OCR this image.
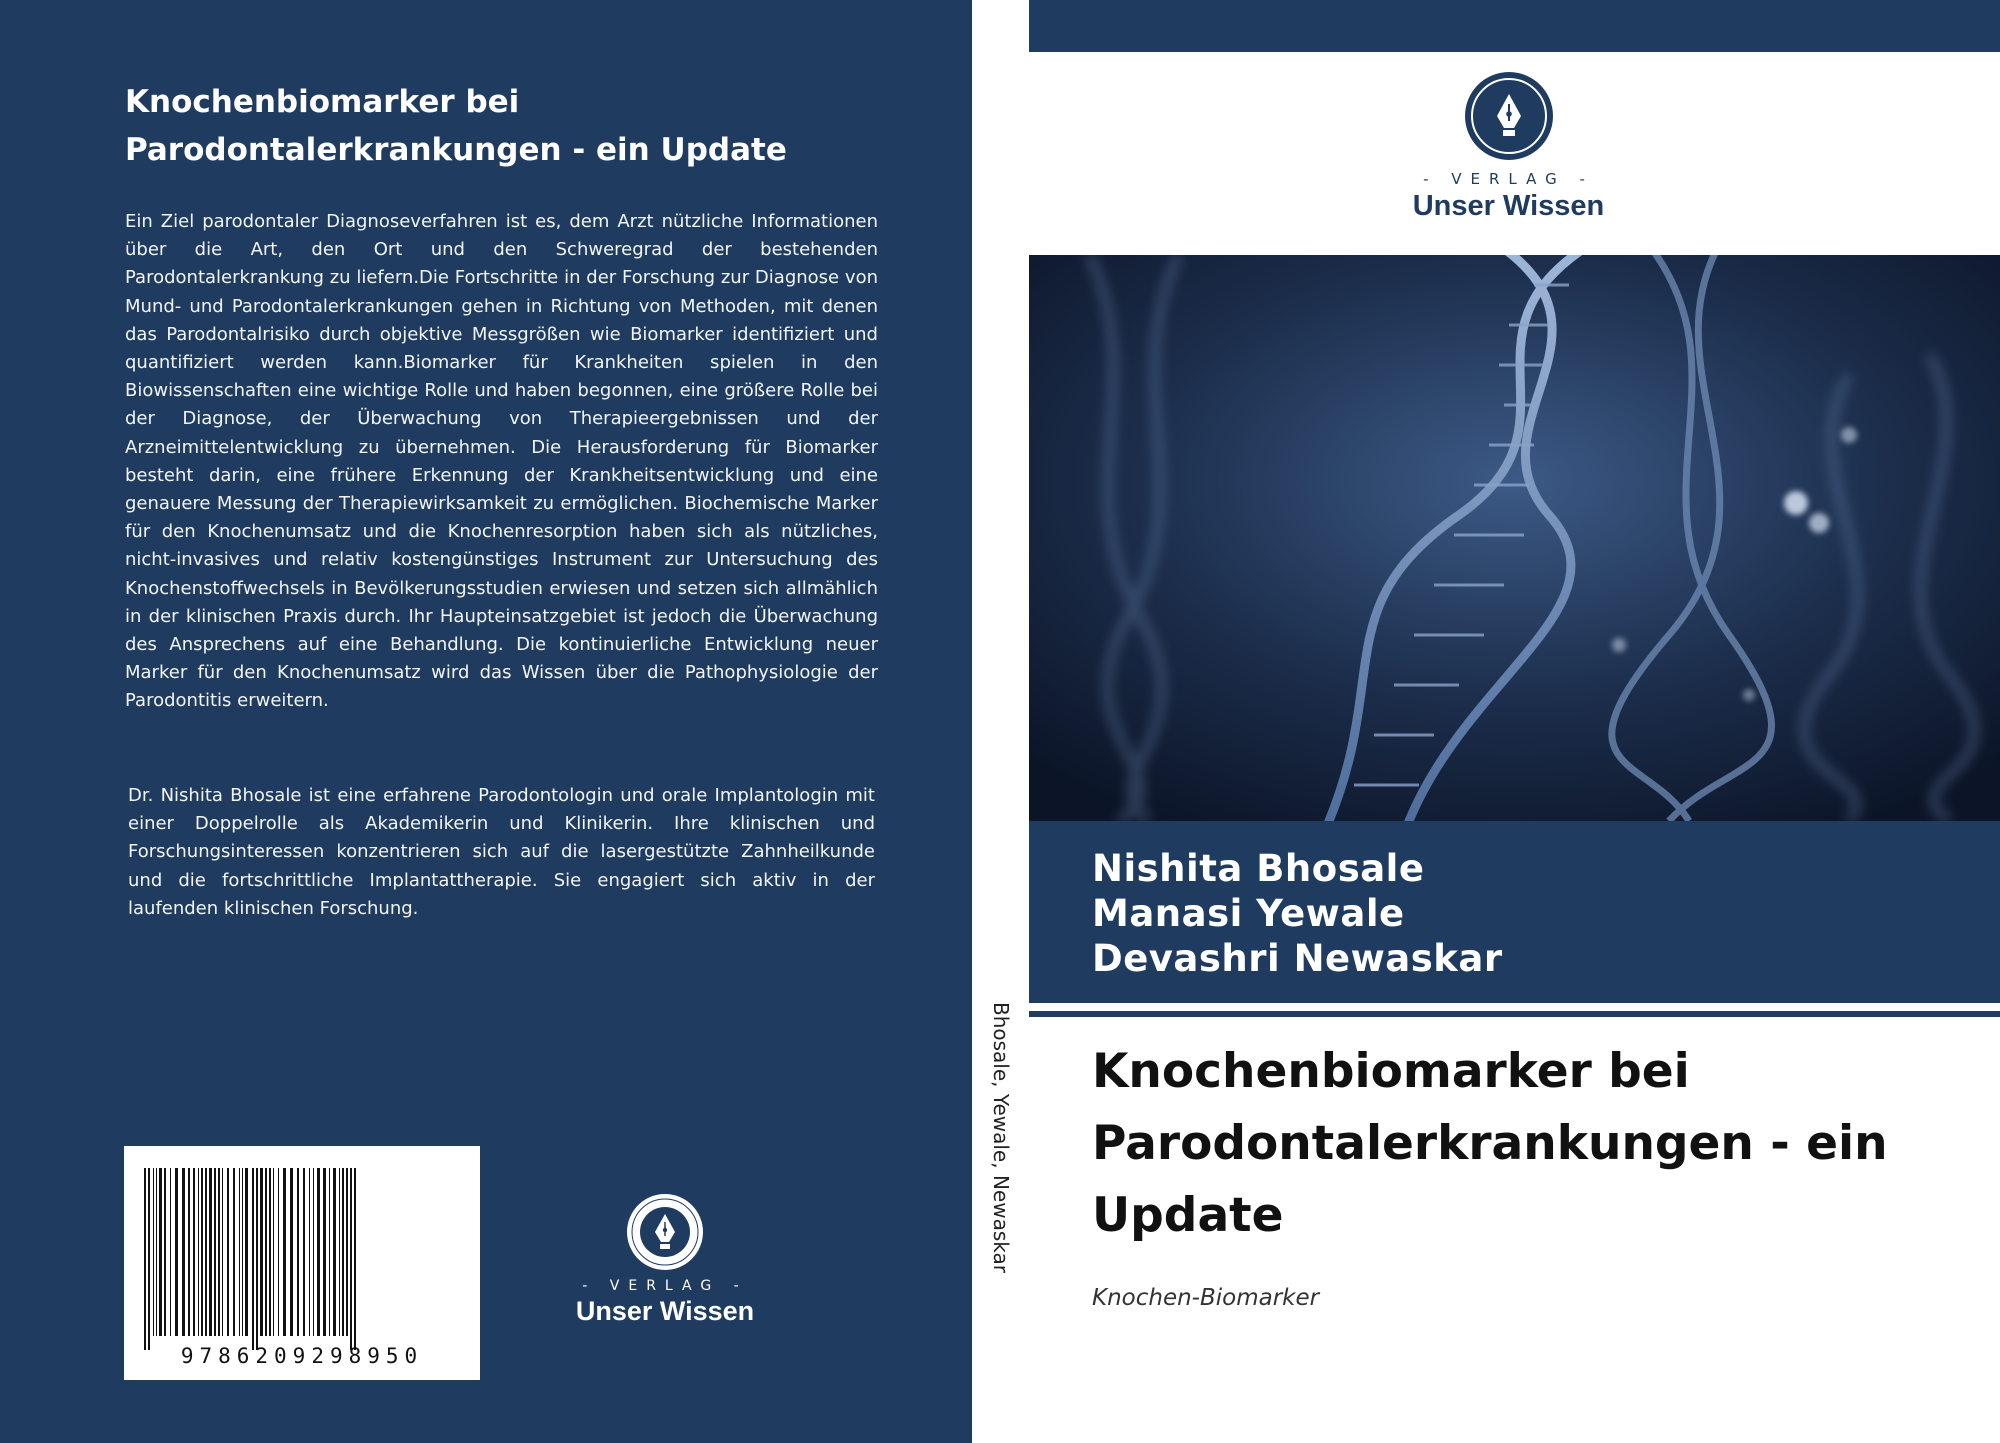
Knochenbiomarker bei
Parodontalerkrankungen - ein Update

Ein Ziel parodontaler Diagnoseverfahren ist es, dem Arzt nützliche Informationen über die Art, den Ort und den Schweregrad der bestehenden Parodontalerkrankung zu liefern.Die Fortschritte in der Forschung zur Diagnose von Mund- und Parodontalerkrankungen gehen in Richtung von Methoden, mit denen das Parodontalrisiko durch objektive Messgrößen wie Biomarker identifiziert und quantifiziert werden kann.Biomarker für Krankheiten spielen in den Biowissenschaften eine wichtige Rolle und haben begonnen, eine größere Rolle bei der Diagnose, der Überwachung von Therapieergebnissen und der Arzneimittelentwicklung zu übernehmen. Die Herausforderung für Biomarker besteht darin, eine frühere Erkennung der Krankheitsentwicklung und eine genauere Messung der Therapiewirksamkeit zu ermöglichen. Biochemische Marker für den Knochenumsatz und die Knochenresorption haben sich als nützliches, nicht-invasives und relativ kostengünstiges Instrument zur Untersuchung des Knochenstoffwechsels in Bevölkerungsstudien erwiesen und setzen sich allmählich in der klinischen Praxis durch. Ihr Haupteinsatzgebiet ist jedoch die Überwachung des Ansprechens auf eine Behandlung. Die kontinuierliche Entwicklung neuer Marker für den Knochenumsatz wird das Wissen über die Pathophysiologie der Parodontitis erweitern.

Dr. Nishita Bhosale ist eine erfahrene Parodontologin und orale Implantologin mit einer Doppelrolle als Akademikerin und Klinikerin. Ihre klinischen und Forschungsinteressen konzentrieren sich auf die lasergestützte Zahnheilkunde und die fortschrittliche Implantattherapie. Sie engagiert sich aktiv in der laufenden klinischen Forschung.

9786209298950
- VERLAG -
Unser Wissen
Bhosale, Yewale, Newaskar
- VERLAG -
Unser Wissen
Nishita Bhosale
Manasi Yewale
Devashri Newaskar
Knochenbiomarker bei
Parodontalerkrankungen - ein
Update
Knochen-Biomarker
